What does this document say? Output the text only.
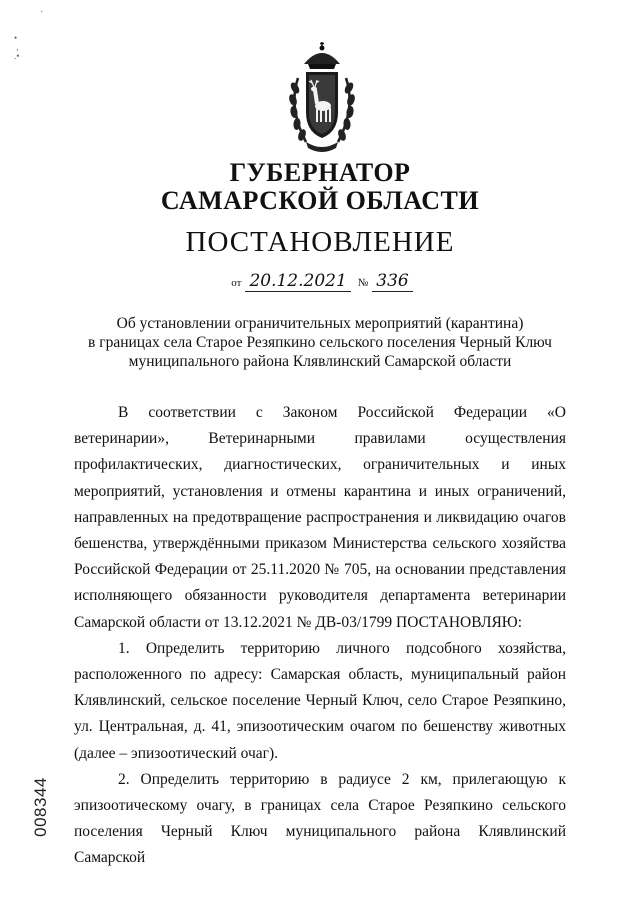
˙
•
,
.•
ГУБЕРНАТОР
САМАРСКОЙ ОБЛАСТИ
ПОСТАНОВЛЕНИЕ
от 20.12.2021 № 336
Об установлении ограничительных мероприятий (карантина)
в границах села Старое Резяпкино сельского поселения Черный Ключ
муниципального района Клявлинский Самарской области

В соответствии с Законом Российской Федерации «О ветеринарии», Ветеринарными правилами осуществления профилактических, диагностических, ограничительных и иных мероприятий, установления и отмены карантина и иных ограничений, направленных на предотвращение распространения и ликвидацию очагов бешенства, утверждёнными приказом Министерства сельского хозяйства Российской Федерации от 25.11.2020 № 705, на основании представления исполняющего обязанности руководителя департамента ветеринарии Самарской области от 13.12.2021 № ДВ-03/1799 ПОСТАНОВЛЯЮ:

1. Определить территорию личного подсобного хозяйства, расположенного по адресу: Самарская область, муниципальный район Клявлинский, сельское поселение Черный Ключ, село Старое Резяпкино, ул. Центральная, д. 41, эпизоотическим очагом по бешенству животных (далее – эпизоотический очаг).

2. Определить территорию в радиусе 2 км, прилегающую к эпизоотическому очагу, в границах села Старое Резяпкино сельского поселения Черный Ключ муниципального района Клявлинский Самарской

008344
